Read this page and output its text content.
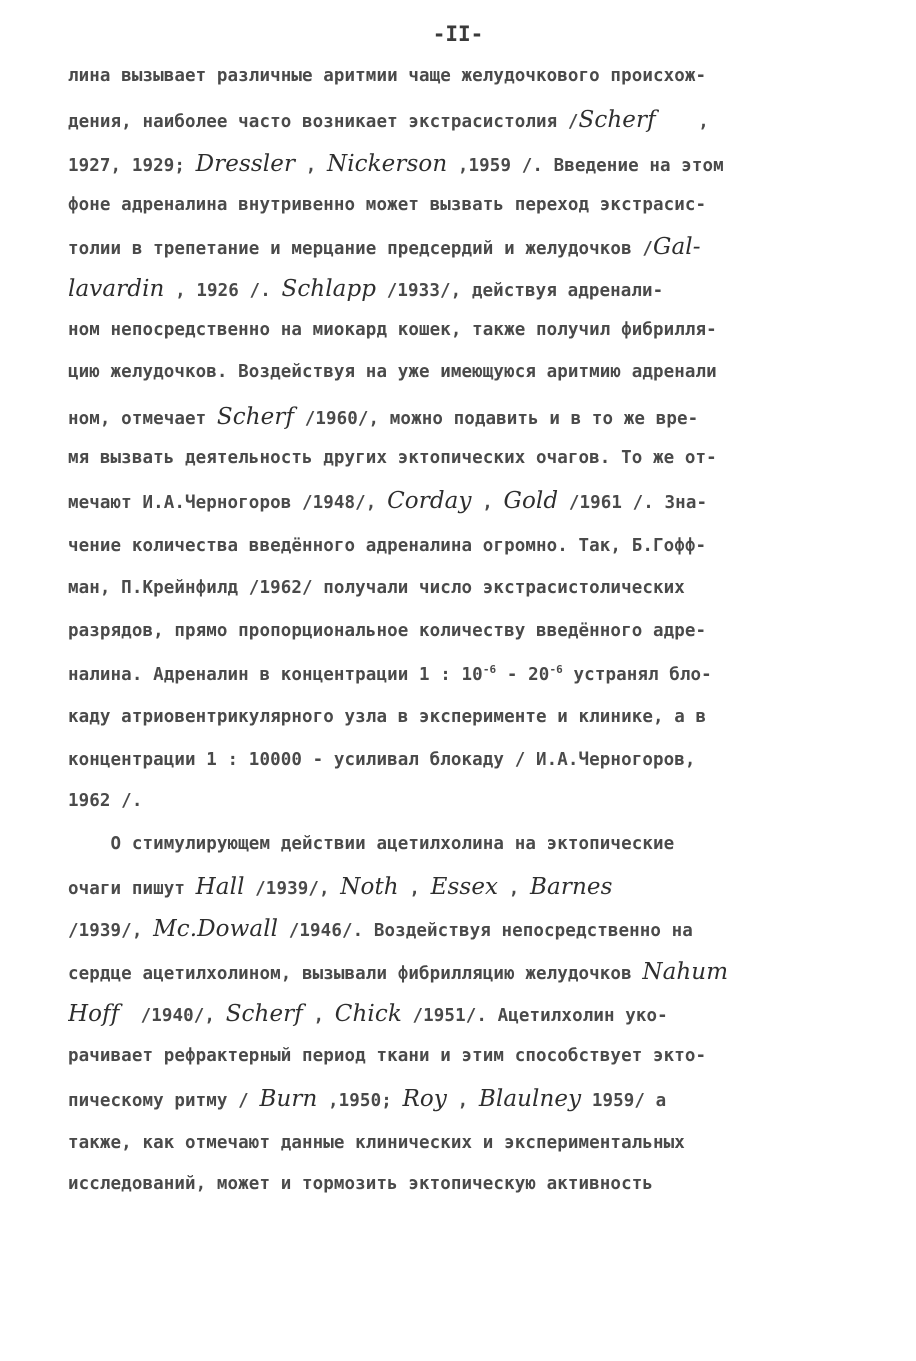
-II-
лина вызывает различные аритмии чаще желудочкового происхож-
дения, наиболее часто возникает экстрасистолия /Scherf    ,
1927, 1929; Dressler , Nickerson ,1959 /. Введение на этом
фоне адреналина внутривенно может вызвать переход экстрасис-
толии в трепетание и мерцание предсердий и желудочков /Gal-
lavardin , 1926 /. Schlapp /1933/, действуя адренали-
ном непосредственно на миокард кошек, также получил фибрилля-
цию желудочков. Воздействуя на уже имеющуюся аритмию адренали
ном, отмечает Scherf /1960/, можно подавить и в то же вре-
мя вызвать деятельность других эктопических очагов. То же от-
мечают И.А.Черногоров /1948/, Corday , Gold /1961 /. Зна-
чение количества введённого адреналина огромно. Так, Б.Гофф-
ман, П.Крейнфилд /1962/ получали число экстрасистолических
разрядов, прямо пропорциональное количеству введённого адре-
налина. Адреналин в концентрации 1 : $10^{-6} - 20^{-6}$ устранял бло-
каду атриовентрикулярного узла в эксперименте и клинике, а в
концентрации 1 : 10000 - усиливал блокаду / И.А.Черногоров,
1962 /.
О стимулирующем действии ацетилхолина на эктопические
очаги пишут Hall /1939/, Noth , Essex , Barnes
/1939/, Mc.Dowall /1946/. Воздействуя непосредственно на
сердце ацетилхолином, вызывали фибрилляцию желудочков Nahum
Hoff  /1940/, Scherf , Chick /1951/. Ацетилхолин уко-
рачивает рефрактерный период ткани и этим способствует экто-
пическому ритму / Burn ,1950; Roy , Blaulney 1959/ а
также, как отмечают данные клинических и экспериментальных
исследований, может и тормозить эктопическую активность
